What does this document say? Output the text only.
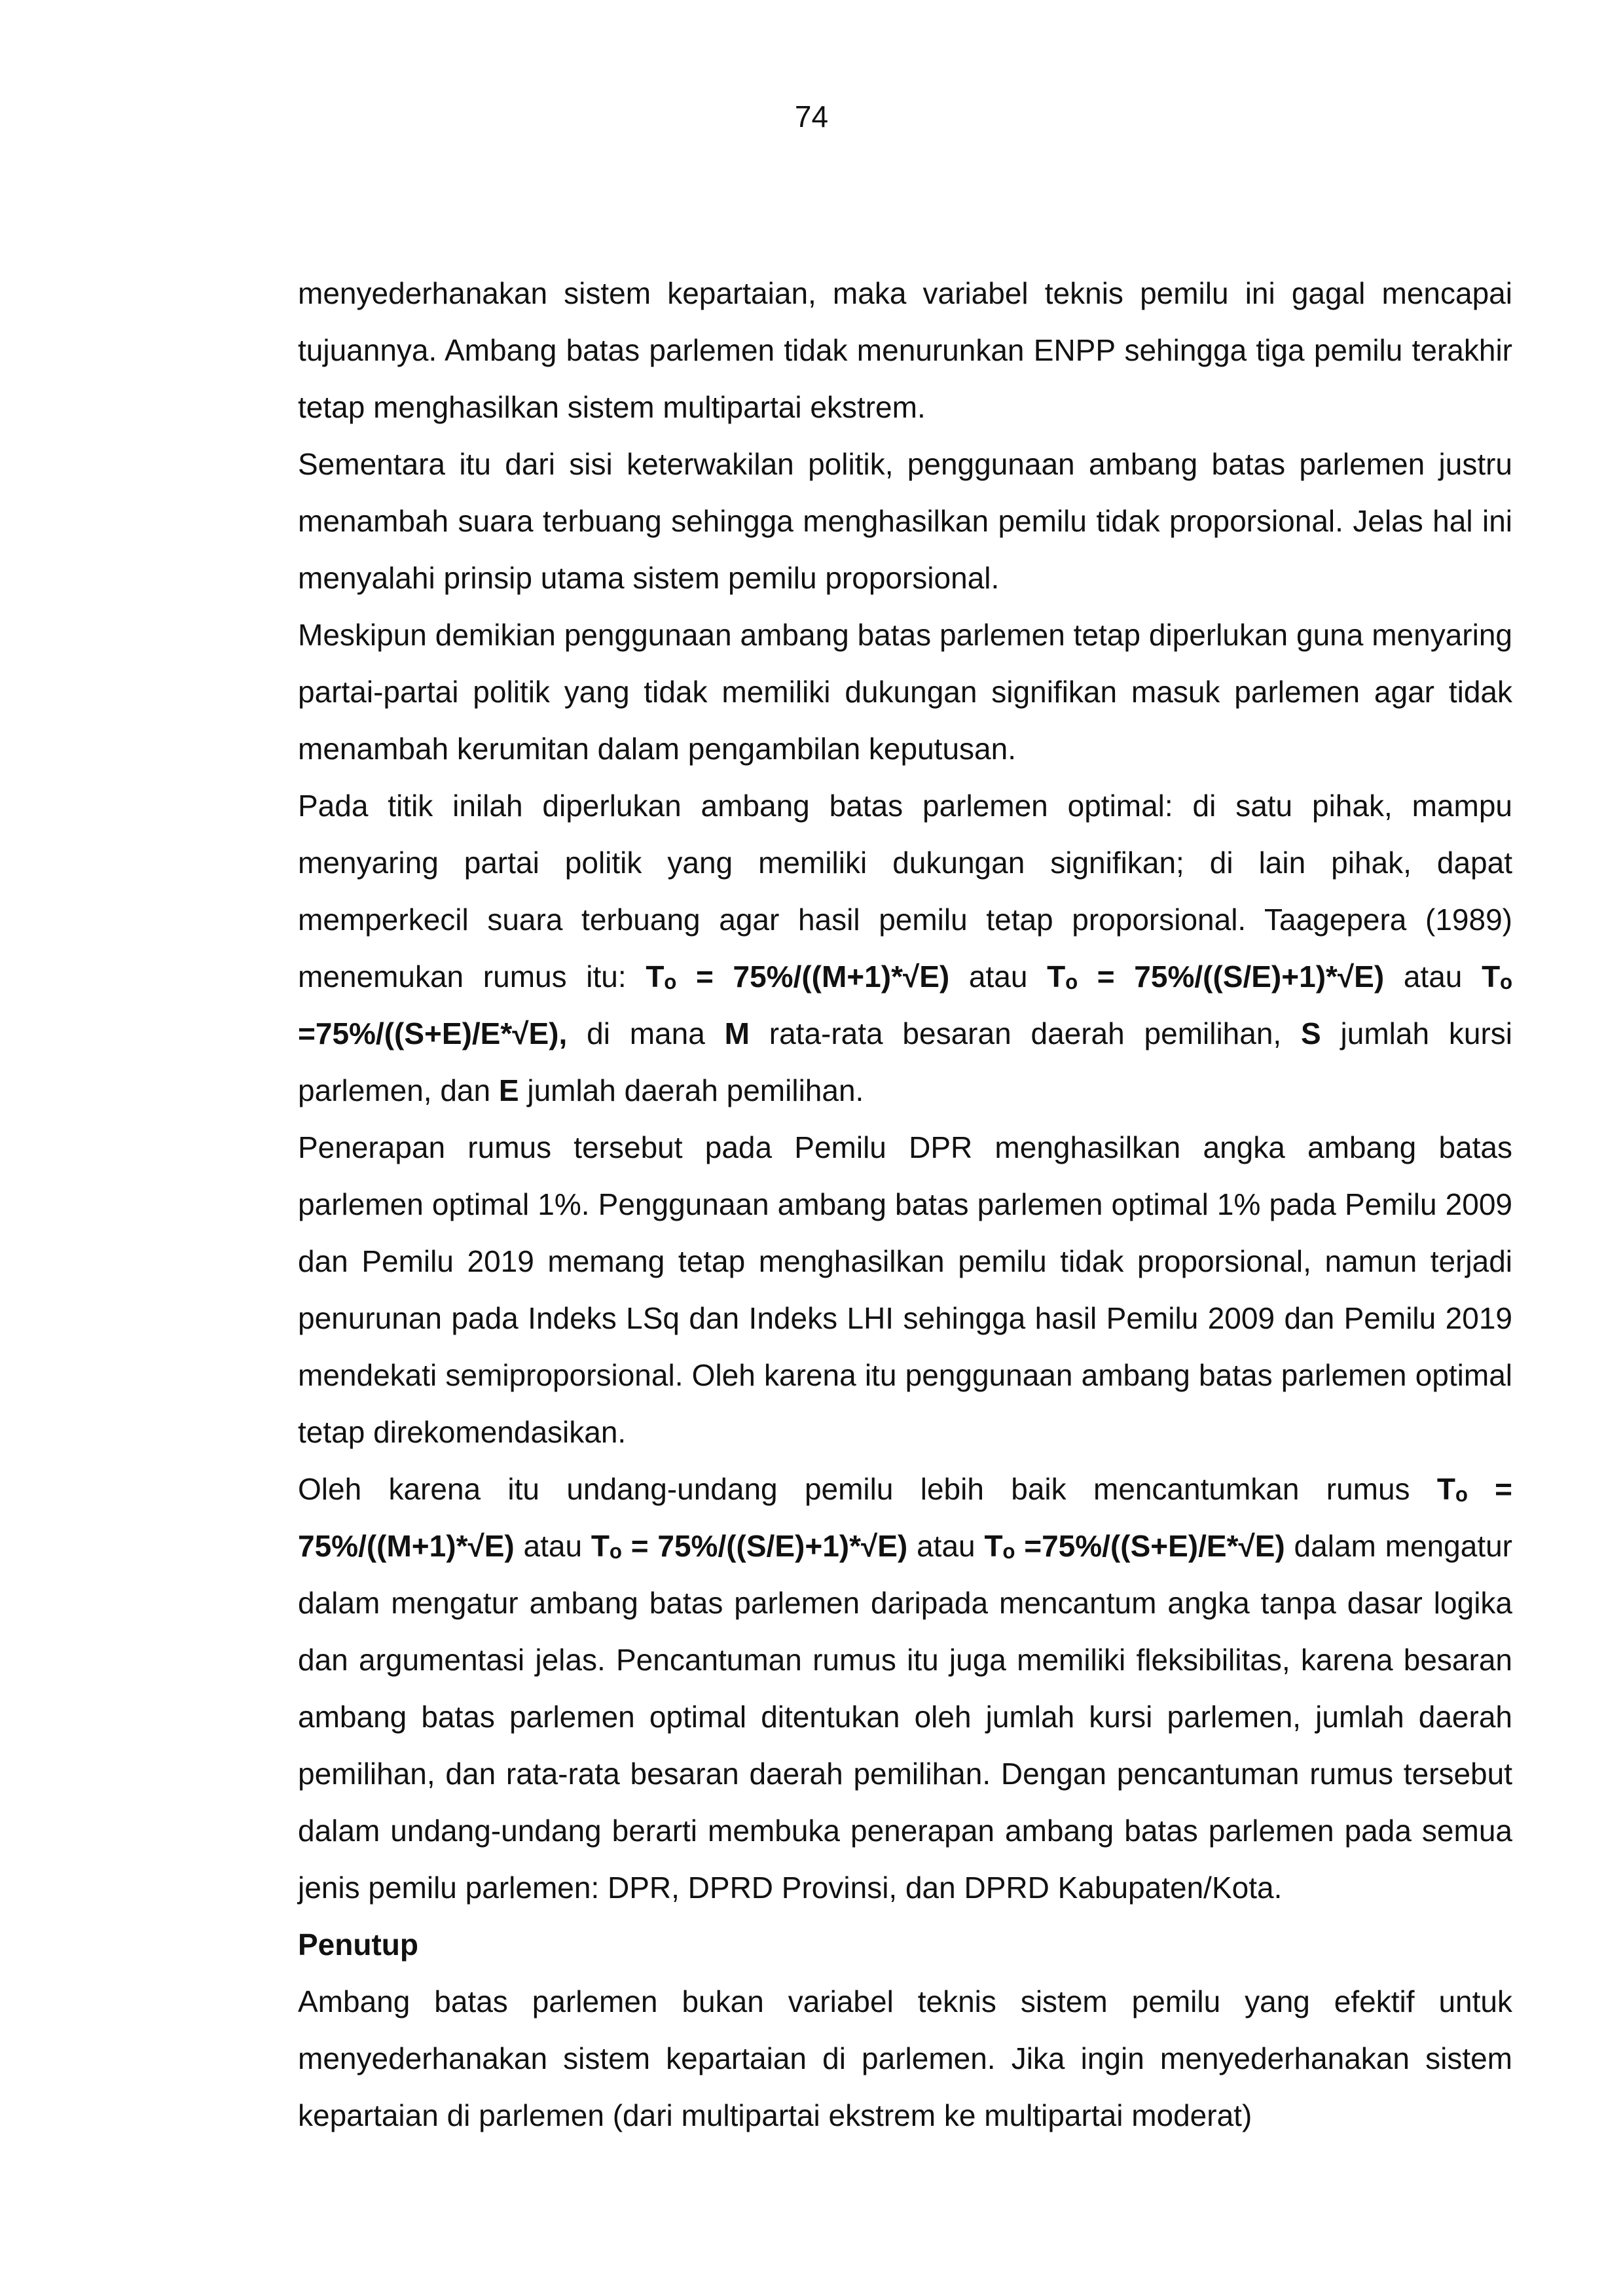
74

menyederhanakan sistem kepartaian, maka variabel teknis pemilu ini gagal mencapai tujuannya. Ambang batas parlemen tidak menurunkan ENPP sehingga tiga pemilu terakhir tetap menghasilkan sistem multipartai ekstrem.

Sementara itu dari sisi keterwakilan politik, penggunaan ambang batas parlemen justru menambah suara terbuang sehingga menghasilkan pemilu tidak proporsional. Jelas hal ini menyalahi prinsip utama sistem pemilu proporsional.

Meskipun demikian penggunaan ambang batas parlemen tetap diperlukan guna menyaring partai-partai politik yang tidak memiliki dukungan signifikan masuk parlemen agar tidak menambah kerumitan dalam pengambilan keputusan.

Pada titik inilah diperlukan ambang batas parlemen optimal: di satu pihak, mampu menyaring partai politik yang memiliki dukungan signifikan; di lain pihak, dapat memperkecil suara terbuang agar hasil pemilu tetap proporsional. Taagepera (1989) menemukan rumus itu: Tₒ = 75%/((M+1)*√E) atau Tₒ = 75%/((S/E)+1)*√E) atau Tₒ =75%/((S+E)/E*√E), di mana M rata-rata besaran daerah pemilihan, S jumlah kursi parlemen, dan E jumlah daerah pemilihan.

Penerapan rumus tersebut pada Pemilu DPR menghasilkan angka ambang batas parlemen optimal 1%. Penggunaan ambang batas parlemen optimal 1% pada Pemilu 2009 dan Pemilu 2019 memang tetap menghasilkan pemilu tidak proporsional, namun terjadi penurunan pada Indeks LSq dan Indeks LHI sehingga hasil Pemilu 2009 dan Pemilu 2019 mendekati semiproporsional. Oleh karena itu penggunaan ambang batas parlemen optimal tetap direkomendasikan.

Oleh karena itu undang-undang pemilu lebih baik mencantumkan rumus Tₒ = 75%/((M+1)*√E) atau Tₒ = 75%/((S/E)+1)*√E) atau Tₒ =75%/((S+E)/E*√E) dalam mengatur dalam mengatur ambang batas parlemen daripada mencantum angka tanpa dasar logika dan argumentasi jelas. Pencantuman rumus itu juga memiliki fleksibilitas, karena besaran ambang batas parlemen optimal ditentukan oleh jumlah kursi parlemen, jumlah daerah pemilihan, dan rata-rata besaran daerah pemilihan. Dengan pencantuman rumus tersebut dalam undang-undang berarti membuka penerapan ambang batas parlemen pada semua jenis pemilu parlemen: DPR, DPRD Provinsi, dan DPRD Kabupaten/Kota.

Penutup

Ambang batas parlemen bukan variabel teknis sistem pemilu yang efektif untuk menyederhanakan sistem kepartaian di parlemen. Jika ingin menyederhanakan sistem kepartaian di parlemen (dari multipartai ekstrem ke multipartai moderat)
